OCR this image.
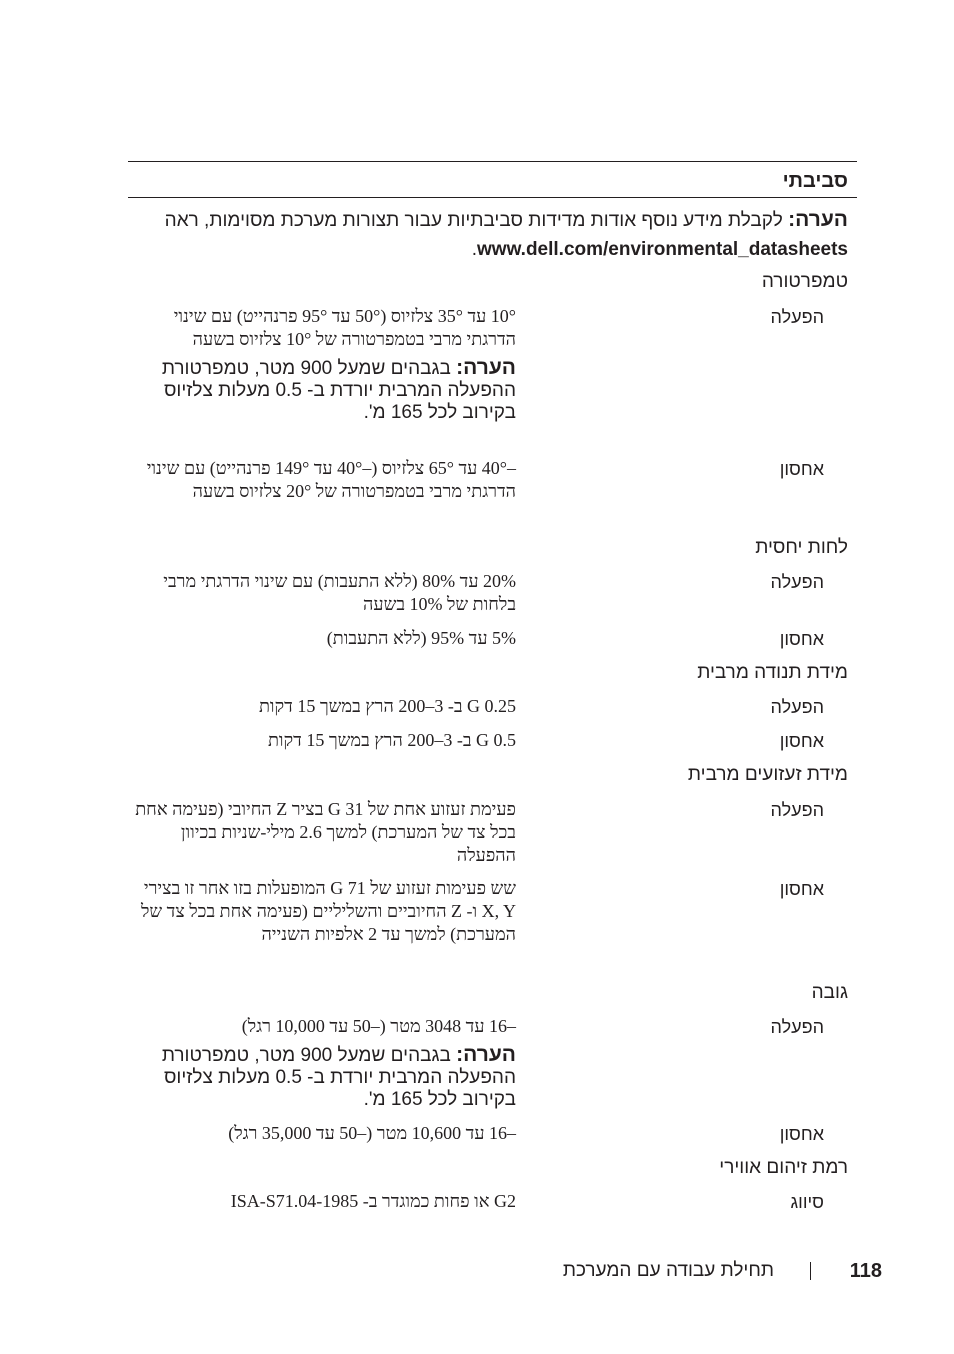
סביבתי
הערה: לקבלת מידע נוסף אודות מדידות סביבתיות עבור תצורות מערכת מסוימות, ראה www.dell.com/environmental_datasheets.
טמפרטורה
הפעלה
10° עד 35° צלזיוס (50° עד 95° פרנהייט) עם שינוי הדרגתי מרבי בטמפרטורה של 10° צלזיוס בשעה
הערה: בגבהים שמעל 900 מטר, טמפרטורת ההפעלה המרבית יורדת ב- 0.5 מעלות צלזיוס בקירוב לכל 165 מ'.
אחסון
–40° עד 65° צלזיוס (–40° עד 149° פרנהייט) עם שינוי הדרגתי מרבי בטמפרטורה של 20° צלזיוס בשעה
לחות יחסית
הפעלה
20% עד 80% (ללא התעבות) עם שינוי הדרגתי מרבי בלחות של 10% בשעה
אחסון
5% עד 95% (ללא התעבות)
מידת תנודה מרבית
הפעלה
0.25 G ב- 3–200 הרץ במשך 15 דקות
אחסון
0.5 G ב- 3–200 הרץ במשך 15 דקות
מידת זעזועים מרבית
הפעלה
פעימת זעזוע אחת של 31 G בציר Z החיובי (פעימה אחת בכל צד של המערכת) למשך 2.6 מילי-שניות בכיוון ההפעלה
אחסון
שש פעימות זעזוע של 71 G המופעלות בזו אחר זו בצירי X, Y ו- Z החיוביים והשליליים (פעימה אחת בכל צד של המערכת) למשך עד 2 אלפיות השנייה
גובה
הפעלה
–16 עד 3048 מטר (–50 עד 10,000 רגל)
הערה: בגבהים שמעל 900 מטר, טמפרטורת ההפעלה המרבית יורדת ב- 0.5 מעלות צלזיוס בקירוב לכל 165 מ'.
אחסון
–16 עד 10,600 מטר (–50 עד 35,000 רגל)
רמת זיהום אווירי
סיווג
G2 או פחות כמוגדר ב- ISA-S71.04-1985
118
תחילת עבודה עם המערכת
